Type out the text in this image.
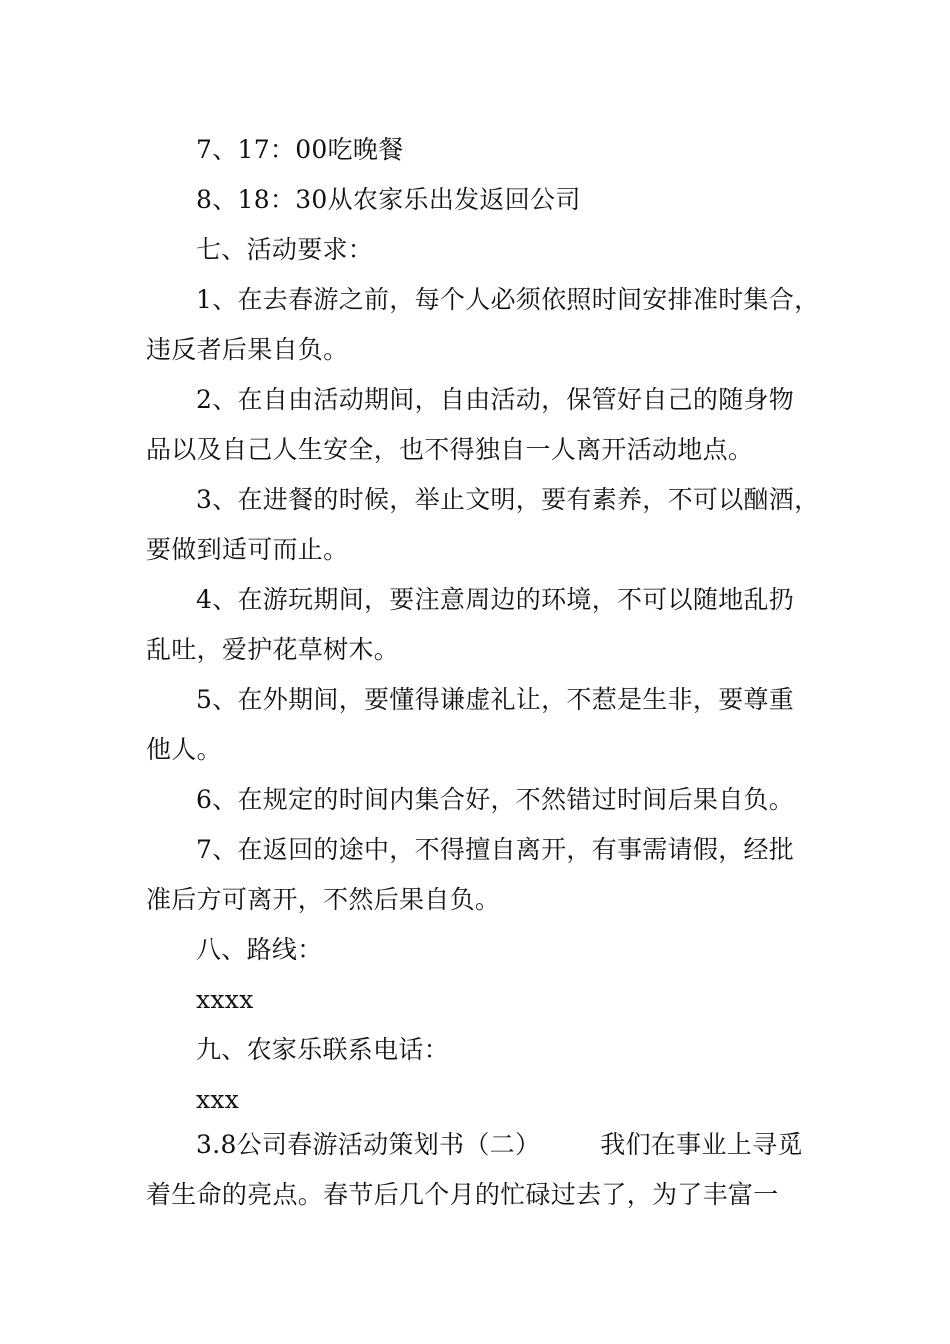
7、17：00吃晚餐
8、18：30从农家乐出发返回公司
七、活动要求：
1、在去春游之前，每个人必须依照时间安排准时集合，
违反者后果自负。
2、在自由活动期间，自由活动，保管好自己的随身物
品以及自己人生安全，也不得独自一人离开活动地点。
3、在进餐的时候，举止文明，要有素养，不可以酗酒，
要做到适可而止。
4、在游玩期间，要注意周边的环境，不可以随地乱扔
乱吐，爱护花草树木。
5、在外期间，要懂得谦虚礼让，不惹是生非，要尊重
他人。
6、在规定的时间内集合好，不然错过时间后果自负。
7、在返回的途中，不得擅自离开，有事需请假，经批
准后方可离开，不然后果自负。
八、路线：
xxxx
九、农家乐联系电话：
xxx
3.8公司春游活动策划书（二） 我们在事业上寻觅
着生命的亮点。春节后几个月的忙碌过去了，为了丰富一
